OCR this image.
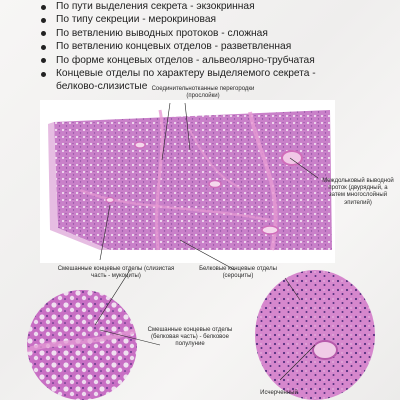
По пути выделения секрета - экзокринная
По типу секреции - мерокриновая
По ветвлению выводных протоков - сложная
По ветвлению концевых отделов - разветвленная
По форме концевых отделов - альвеолярно-трубчатая
Концевые отделы по характеру выделяемого секрета -
белково-слизистые Соединительнотканные перегородки (прослойки)
Междольковый выводной проток (двурядный, а затем многослойный эпителий)
Смешанные концевые отделы (слизистая часть - мукоциты)
Белковые концевые отделы (сероциты)
Смешанные концевые отделы (белковая часть) - белковое полулуние
Исчерченный
